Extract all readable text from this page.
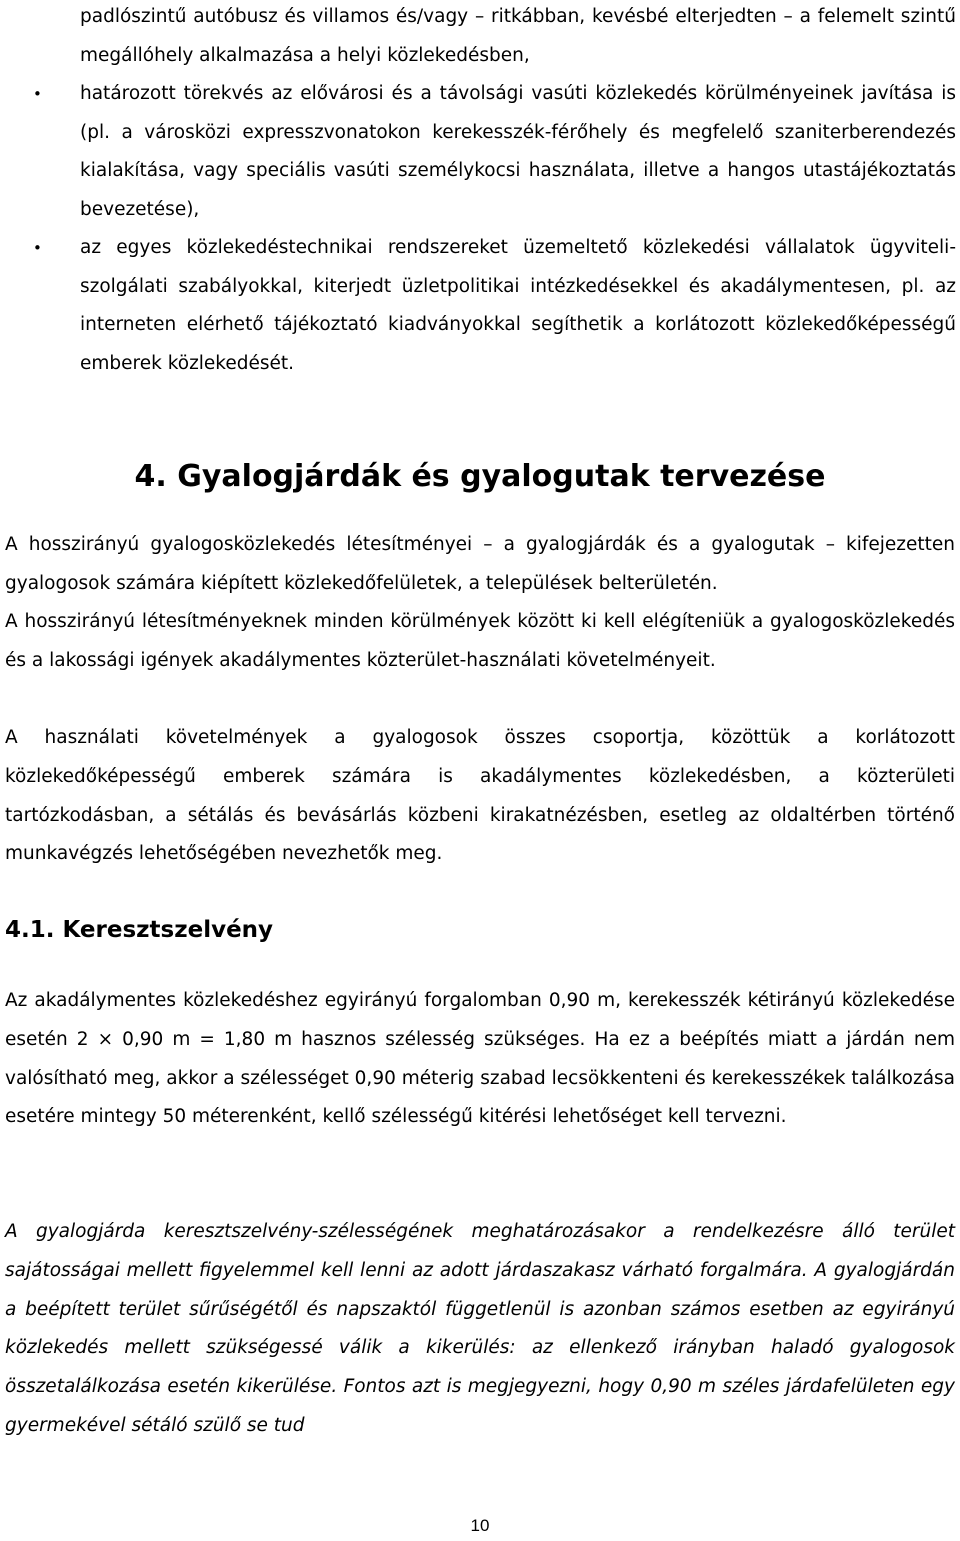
padlószintű autóbusz és villamos és/vagy – ritkábban, kevésbé elterjedten – a felemelt szintű megállóhely alkalmazása a helyi közlekedésben,
• határozott törekvés az elővárosi és a távolsági vasúti közlekedés körülményeinek javítása is (pl. a városközi expresszvonatokon kerekesszék-férőhely és megfelelő szaniterberendezés kialakítása, vagy speciális vasúti személykocsi használata, illetve a hangos utastájékoztatás bevezetése),
• az egyes közlekedéstechnikai rendszereket üzemeltető közlekedési vállalatok ügyviteli-szolgálati szabályokkal, kiterjedt üzletpolitikai intézkedésekkel és akadálymentesen, pl. az interneten elérhető tájékoztató kiadványokkal segíthetik a korlátozott közlekedőképességű emberek közlekedését.
4. Gyalogjárdák és gyalogutak tervezése

A hosszirányú gyalogosközlekedés létesítményei – a gyalogjárdák és a gyalogutak – kifejezetten gyalogosok számára kiépített közlekedőfelületek, a települések belterületén.

A hosszirányú létesítményeknek minden körülmények között ki kell elégíteniük a gyalogosközlekedés és a lakossági igények akadálymentes közterület-használati követelményeit.

A használati követelmények a gyalogosok összes csoportja, közöttük a korlátozott közlekedőképességű emberek számára is akadálymentes közlekedésben, a közterületi tartózkodásban, a sétálás és bevásárlás közbeni kirakatnézésben, esetleg az oldaltérben történő munkavégzés lehetőségében nevezhetők meg.

4.1. Keresztszelvény

Az akadálymentes közlekedéshez egyirányú forgalomban 0,90 m, kerekesszék kétirányú közlekedése esetén 2 × 0,90 m = 1,80 m hasznos szélesség szükséges. Ha ez a beépítés miatt a járdán nem valósítható meg, akkor a szélességet 0,90 méterig szabad lecsökkenteni és kerekesszékek találkozása esetére mintegy 50 méterenként, kellő szélességű kitérési lehetőséget kell tervezni.

A gyalogjárda keresztszelvény-szélességének meghatározásakor a rendelkezésre álló terület sajátosságai mellett figyelemmel kell lenni az adott járdaszakasz várható forgalmára. A gyalogjárdán a beépített terület sűrűségétől és napszaktól függetlenül is azonban számos esetben az egyirányú közlekedés mellett szükségessé válik a kikerülés: az ellenkező irányban haladó gyalogosok összetalálkozása esetén kikerülése. Fontos azt is megjegyezni, hogy 0,90 m széles járdafelületen egy gyermekével sétáló szülő se tud

10
